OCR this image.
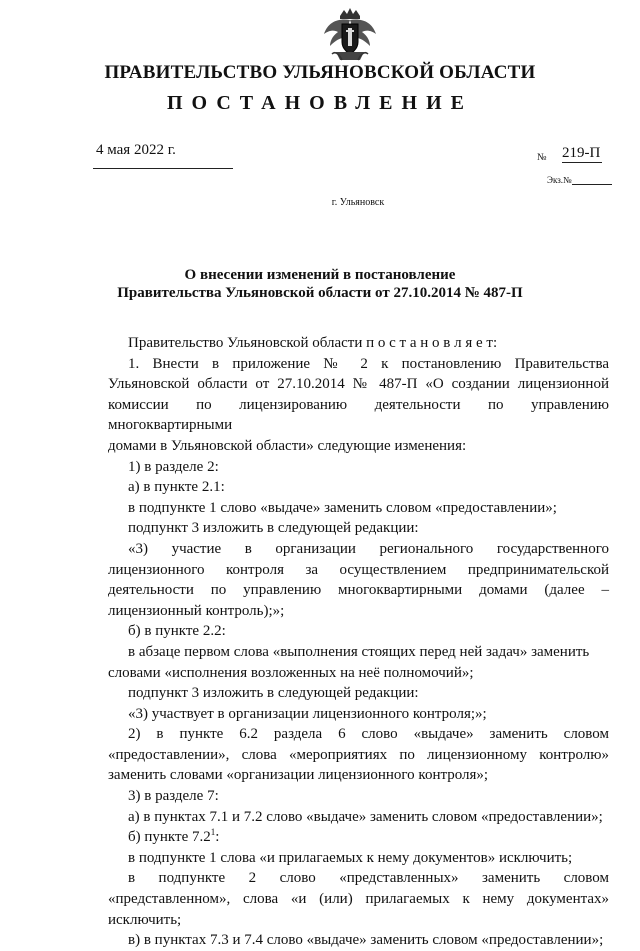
ПРАВИТЕЛЬСТВО УЛЬЯНОВСКОЙ ОБЛАСТИ
ПОСТАНОВЛЕНИЕ
4 мая 2022 г.	№ 219-П
Экз.№
г. Ульяновск
О внесении изменений в постановление
Правительства Ульяновской области от 27.10.2014 № 487-П

Правительство Ульяновской области п о с т а н о в л я е т:

1. Внести в приложение № 2 к постановлению Правительства

Ульяновской области от 27.10.2014 № 487-П «О создании лицензионной

комиссии по лицензированию деятельности по управлению многоквартирными

домами в Ульяновской области» следующие изменения:

1) в разделе 2:

а) в пункте 2.1:

в подпункте 1 слово «выдаче» заменить словом «предоставлении»;

подпункт 3 изложить в следующей редакции:

«3) участие в организации регионального государственного

лицензионного контроля за осуществлением предпринимательской

деятельности по управлению многоквартирными домами (далее –

лицензионный контроль);»;

б) в пункте 2.2:

в абзаце первом слова «выполнения стоящих перед ней задач» заменить

словами «исполнения возложенных на неё полномочий»;

подпункт 3 изложить в следующей редакции:

«3) участвует в организации лицензионного контроля;»;

2) в пункте 6.2 раздела 6 слово «выдаче» заменить словом

«предоставлении», слова «мероприятиях по лицензионному контролю»

заменить словами «организации лицензионного контроля»;

3) в разделе 7:

а) в пунктах 7.1 и 7.2 слово «выдаче» заменить словом «предоставлении»;

б) пункте $7.2^1$:

в подпункте 1 слова «и прилагаемых к нему документов» исключить;

в подпункте 2 слово «представленных» заменить словом

«представленном», слова «и (или) прилагаемых к нему документах»

исключить;

в) в пунктах 7.3 и 7.4 слово «выдаче» заменить словом «предоставлении»;
